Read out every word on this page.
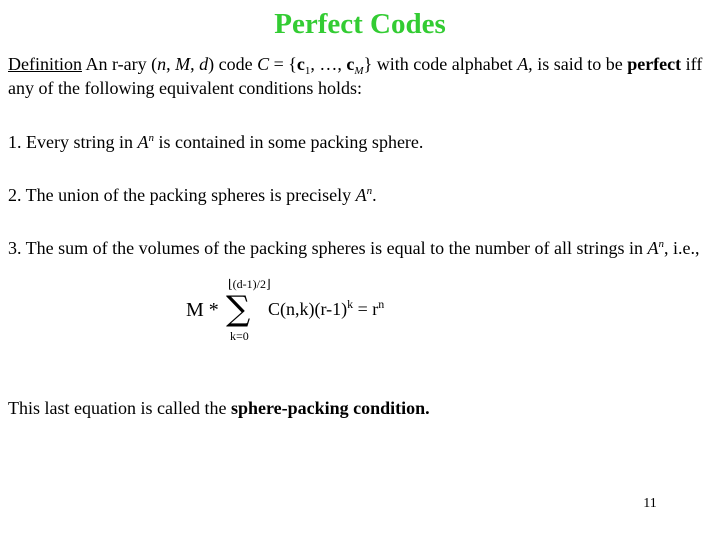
Perfect Codes
Definition An r-ary (n, M, d) code $C = \{c_1$, …, $c_M$} with code alphabet A, is said to be perfect iff any of the following equivalent conditions holds:
1. Every string in $A^n$ is contained in some packing sphere.
2. The union of the packing spheres is precisely $A^n$.
3. The sum of the volumes of the packing spheres is equal to the number of all strings in $A^n$, i.e.,
⌊(d-1)/2⌋
M * ∑ $C(n,k)(r-1)^k = r^n$
k=0
This last equation is called the sphere-packing condition.
11
